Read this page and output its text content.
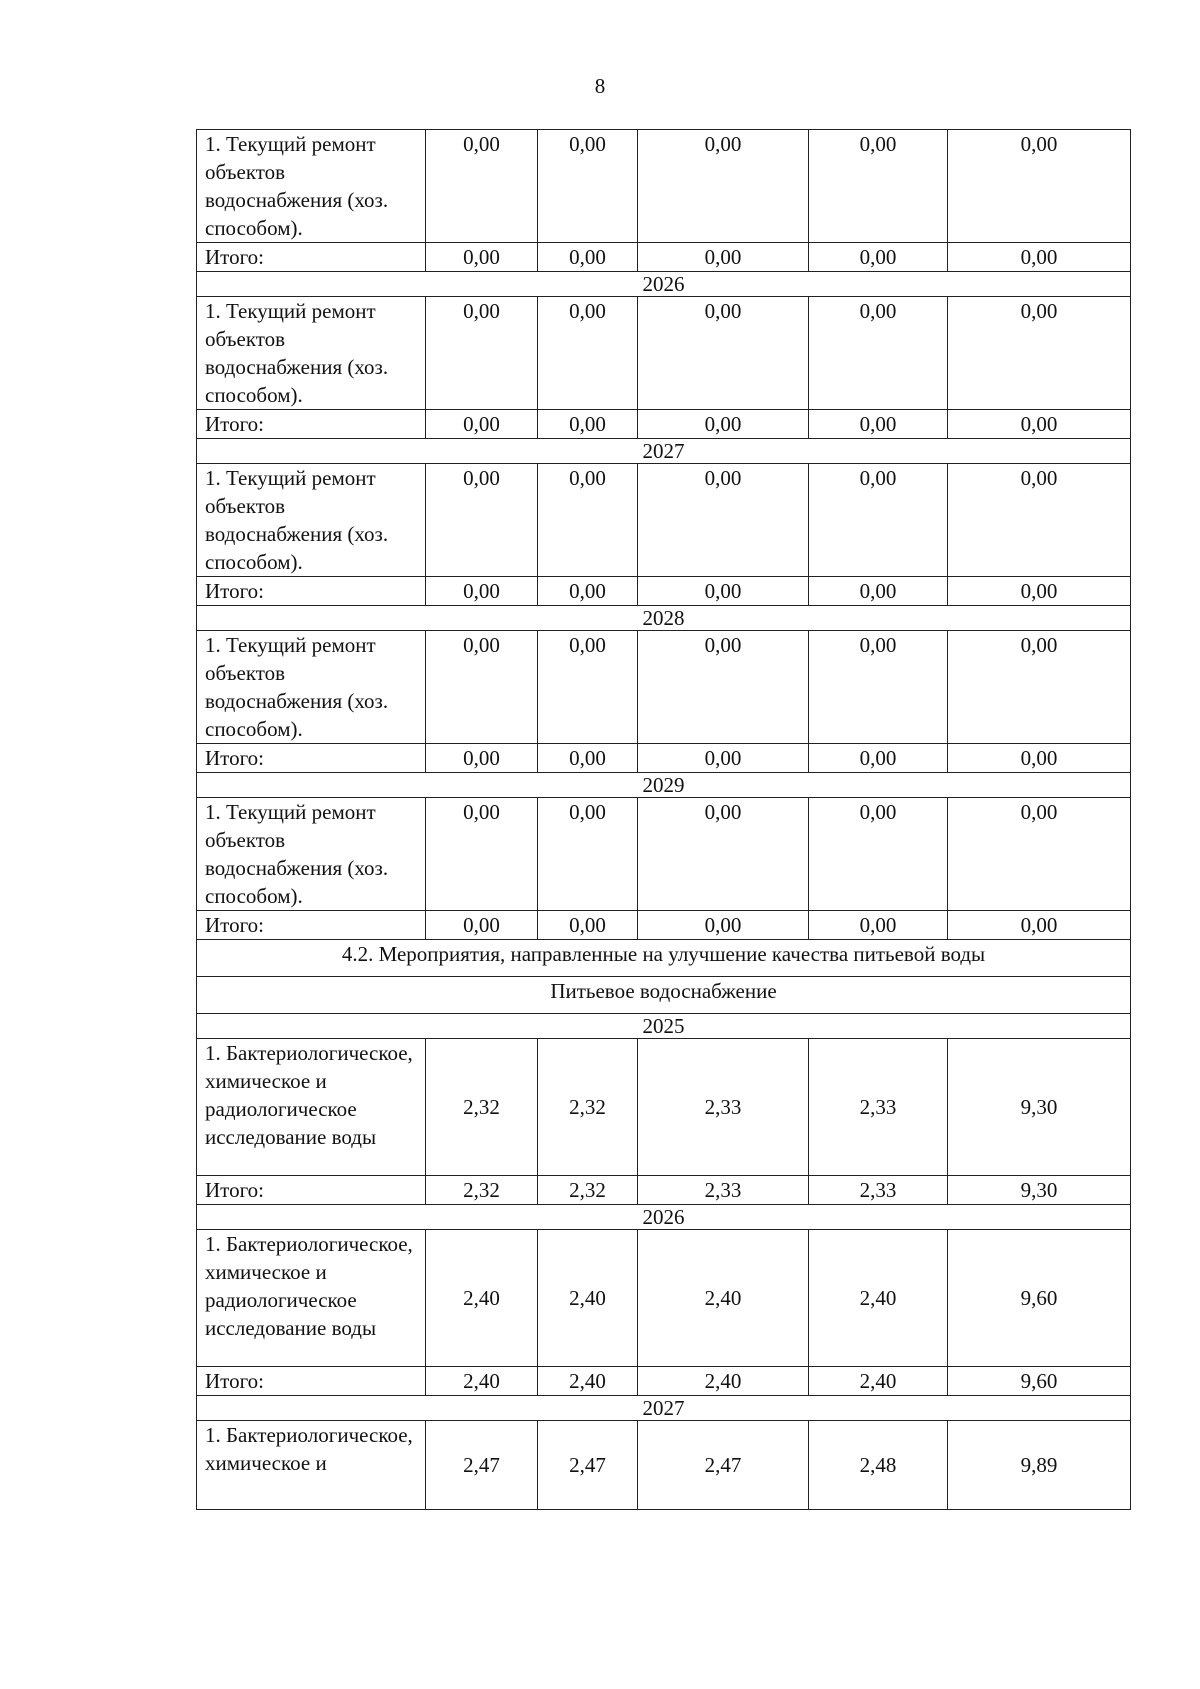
8
1. Текущий ремонт объектов водоснабжения (хоз. способом).	0,00	0,00	0,00	0,00	0,00
Итого:	0,00	0,00	0,00	0,00	0,00
2026					
1. Текущий ремонт объектов водоснабжения (хоз. способом).	0,00	0,00	0,00	0,00	0,00
Итого:	0,00	0,00	0,00	0,00	0,00
2027					
1. Текущий ремонт объектов водоснабжения (хоз. способом).	0,00	0,00	0,00	0,00	0,00
Итого:	0,00	0,00	0,00	0,00	0,00
2028					
1. Текущий ремонт объектов водоснабжения (хоз. способом).	0,00	0,00	0,00	0,00	0,00
Итого:	0,00	0,00	0,00	0,00	0,00
2029					
1. Текущий ремонт объектов водоснабжения (хоз. способом).	0,00	0,00	0,00	0,00	0,00
Итого:	0,00	0,00	0,00	0,00	0,00
4.2. Мероприятия, направленные на улучшение качества питьевой воды					
Питьевое водоснабжение					
2025					
1. Бактериологическое, химическое и радиологическое исследование воды	2,32	2,32	2,33	2,33	9,30
Итого:	2,32	2,32	2,33	2,33	9,30
2026					
1. Бактериологическое, химическое и радиологическое исследование воды	2,40	2,40	2,40	2,40	9,60
Итого:	2,40	2,40	2,40	2,40	9,60
2027					
1. Бактериологическое, химическое и	2,47	2,47	2,47	2,48	9,89
